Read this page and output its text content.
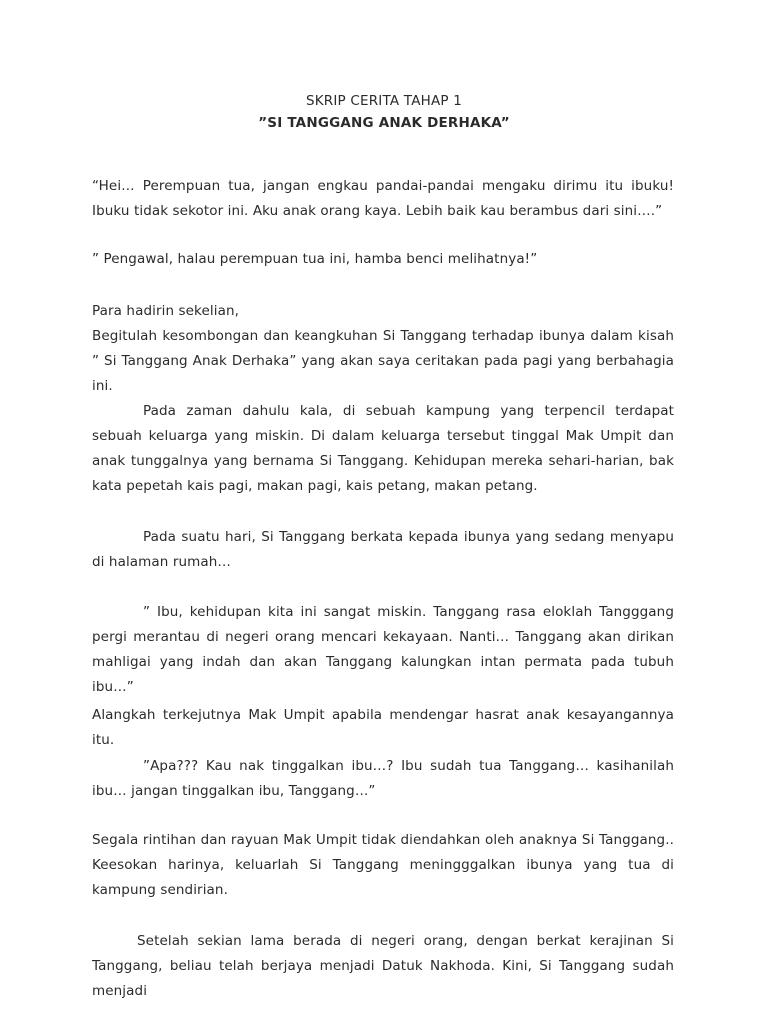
SKRIP CERITA TAHAP 1
”SI TANGGANG ANAK DERHAKA”
“Hei… Perempuan tua, jangan engkau pandai-pandai mengaku dirimu itu ibuku! Ibuku tidak sekotor ini. Aku anak orang kaya. Lebih baik kau berambus dari sini….”
” Pengawal, halau perempuan tua ini, hamba benci melihatnya!”
Para hadirin sekelian,
Begitulah kesombongan dan keangkuhan Si Tanggang terhadap ibunya dalam kisah ” Si Tanggang Anak Derhaka” yang akan saya ceritakan pada pagi yang berbahagia ini.
Pada zaman dahulu kala, di sebuah kampung yang terpencil terdapat sebuah keluarga yang miskin. Di dalam keluarga tersebut tinggal Mak Umpit dan anak tunggalnya yang bernama Si Tanggang. Kehidupan mereka sehari-harian, bak kata pepetah kais pagi, makan pagi, kais petang, makan petang.
Pada suatu hari, Si Tanggang berkata kepada ibunya yang sedang menyapu di halaman rumah…
” Ibu, kehidupan kita ini sangat miskin. Tanggang rasa eloklah Tangggang pergi merantau di negeri orang mencari kekayaan. Nanti… Tanggang akan dirikan mahligai yang indah dan akan Tanggang kalungkan intan permata pada tubuh ibu…”
Alangkah terkejutnya Mak Umpit apabila mendengar hasrat anak kesayangannya itu.
”Apa??? Kau nak tinggalkan ibu…? Ibu sudah tua Tanggang… kasihanilah ibu… jangan tinggalkan ibu, Tanggang…”
Segala rintihan dan rayuan Mak Umpit tidak diendahkan oleh anaknya Si Tanggang.. Keesokan harinya, keluarlah Si Tanggang meningggalkan ibunya yang tua di kampung sendirian.
Setelah sekian lama berada di negeri orang, dengan berkat kerajinan Si Tanggang, beliau telah berjaya menjadi Datuk Nakhoda. Kini, Si Tanggang sudah menjadi
